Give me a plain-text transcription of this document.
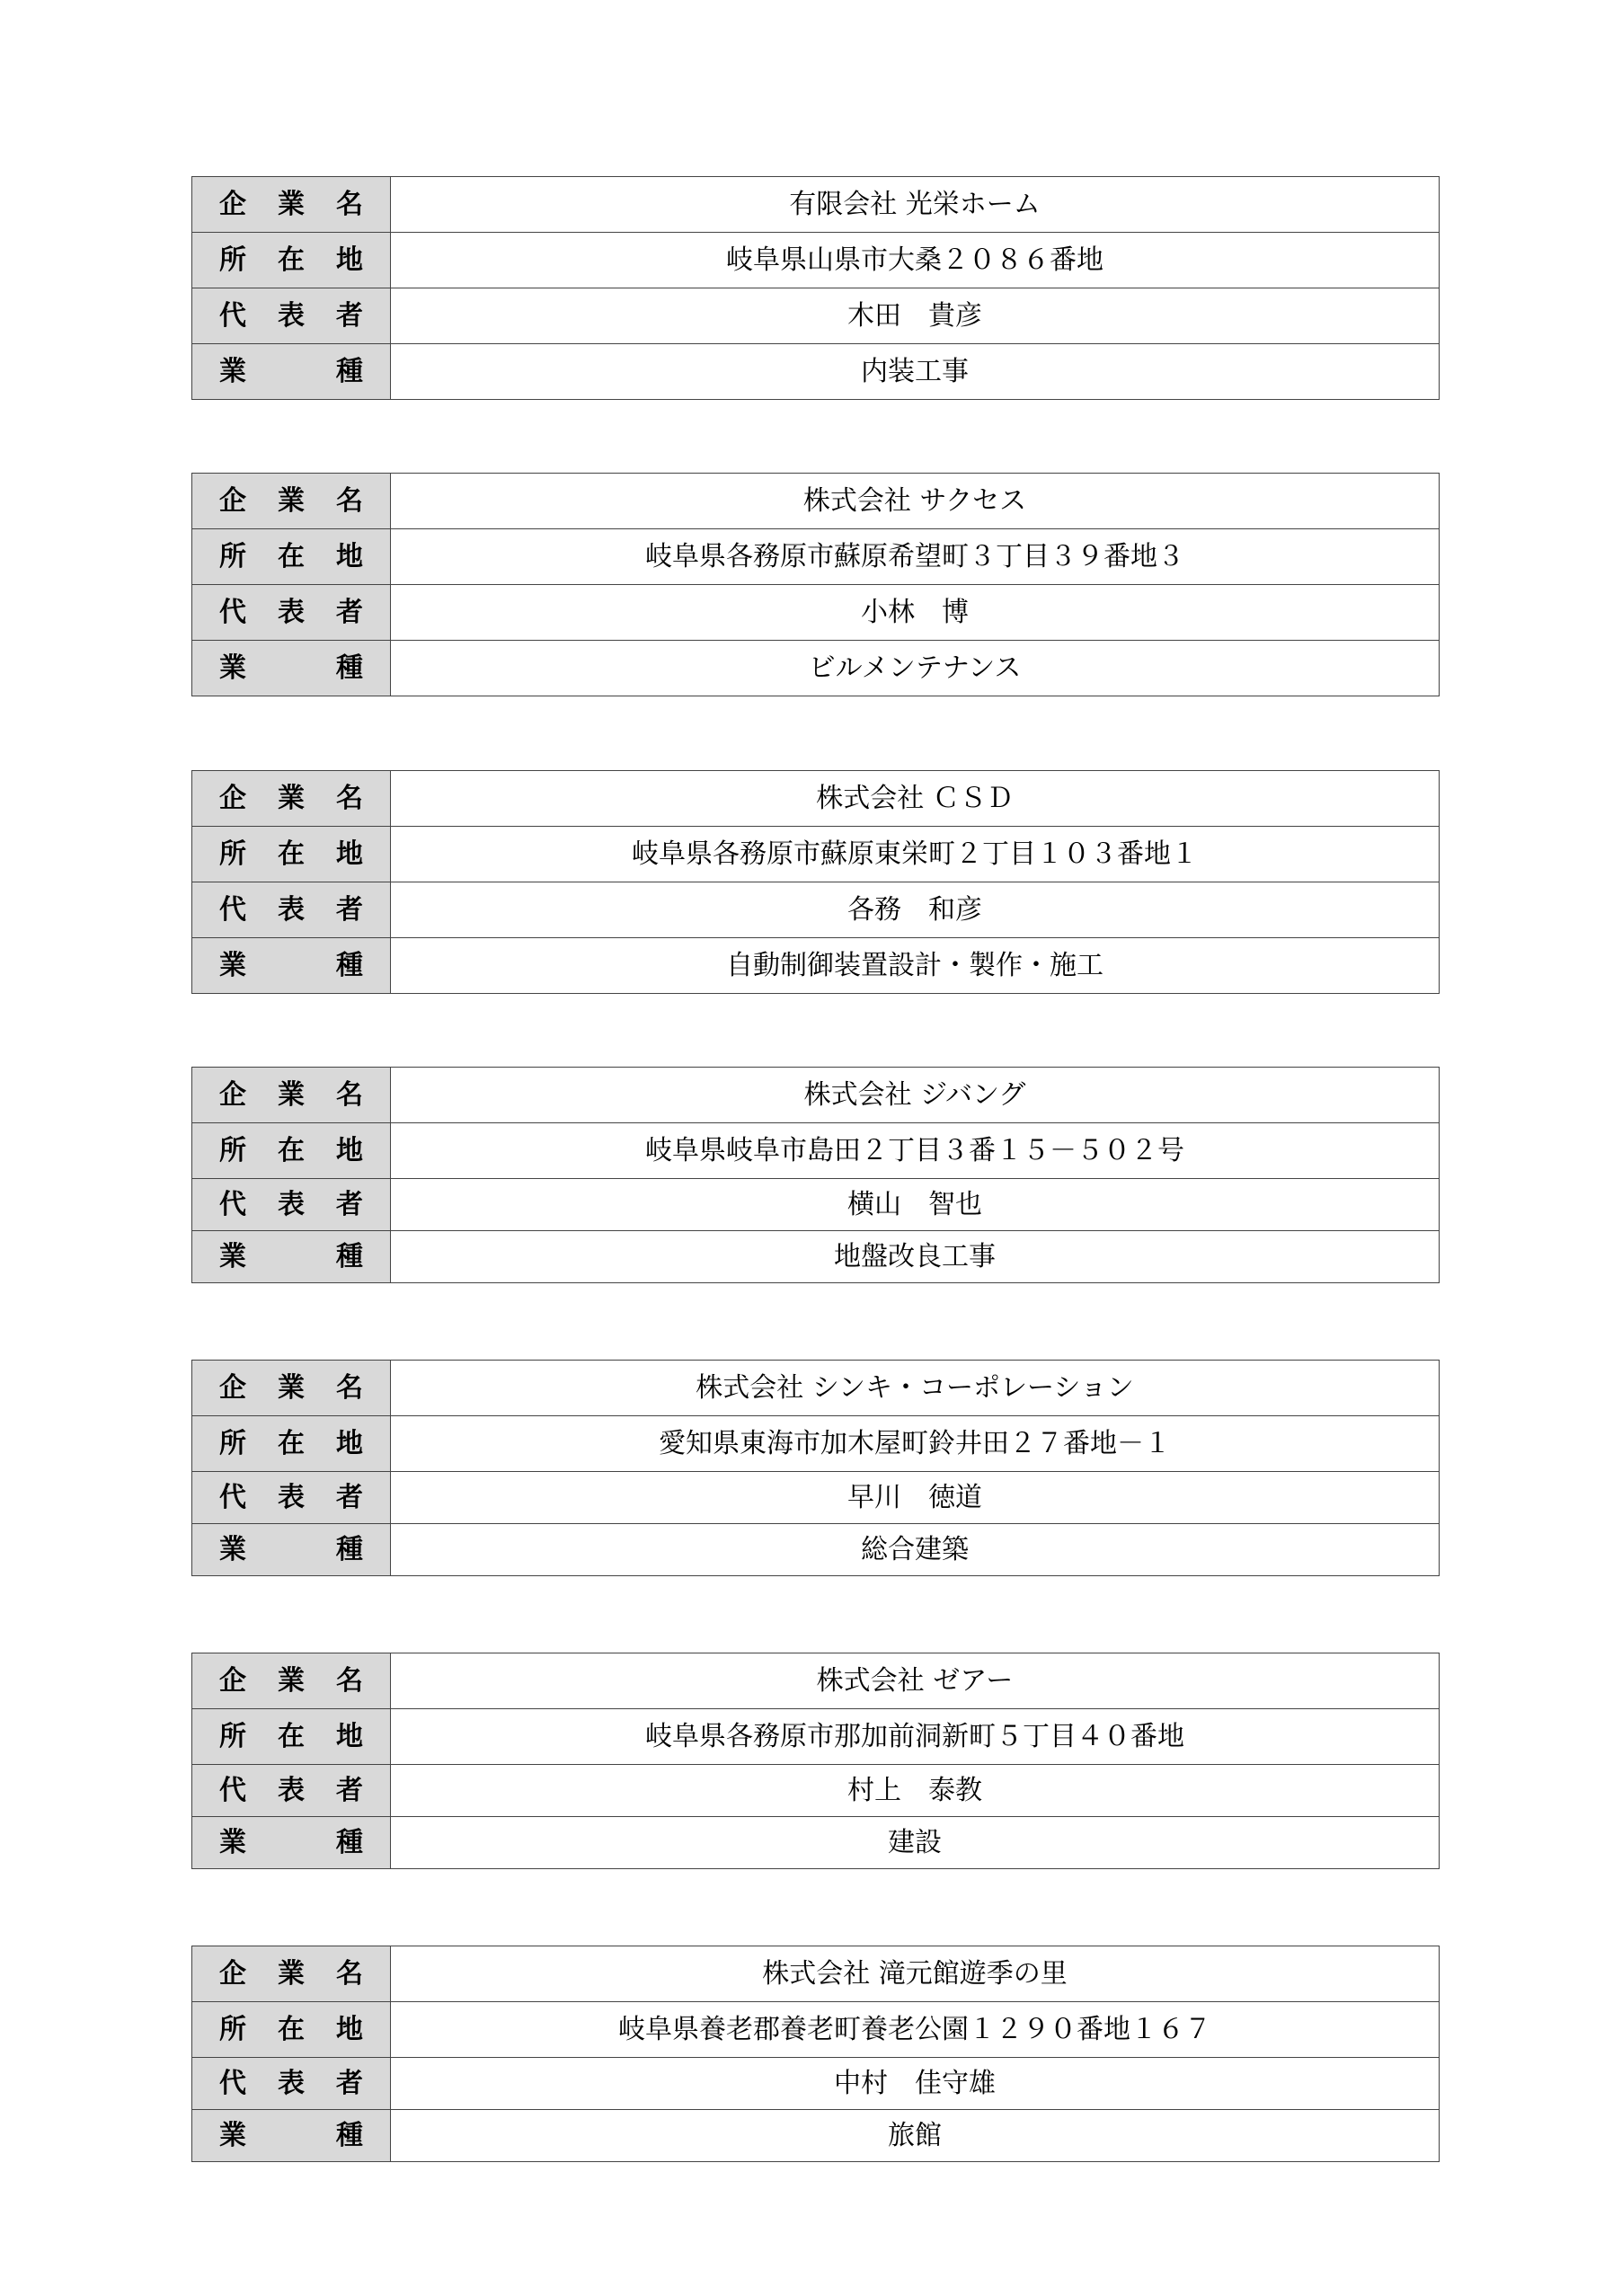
企 業 名	有限会社 光栄ホーム

所 在 地	岐阜県山県市大桑２０８６番地

代 表 者	木田　貴彦

業 種	内装工事
企 業 名	株式会社 サクセス

所 在 地	岐阜県各務原市蘇原希望町３丁目３９番地３

代 表 者	小林　博

業 種	ビルメンテナンス
企 業 名	株式会社 ＣＳＤ

所 在 地	岐阜県各務原市蘇原東栄町２丁目１０３番地１

代 表 者	各務　和彦

業 種	自動制御装置設計・製作・施工
企 業 名	株式会社 ジバング

所 在 地	岐阜県岐阜市島田２丁目３番１５－５０２号

代 表 者	横山　智也

業 種	地盤改良工事
企 業 名	株式会社 シンキ・コーポレーション

所 在 地	愛知県東海市加木屋町鈴井田２７番地－１

代 表 者	早川　徳道

業 種	総合建築
企 業 名	株式会社 ゼアー

所 在 地	岐阜県各務原市那加前洞新町５丁目４０番地

代 表 者	村上　泰教

業 種	建設
企 業 名	株式会社 滝元館遊季の里

所 在 地	岐阜県養老郡養老町養老公園１２９０番地１６７

代 表 者	中村　佳守雄

業 種	旅館
